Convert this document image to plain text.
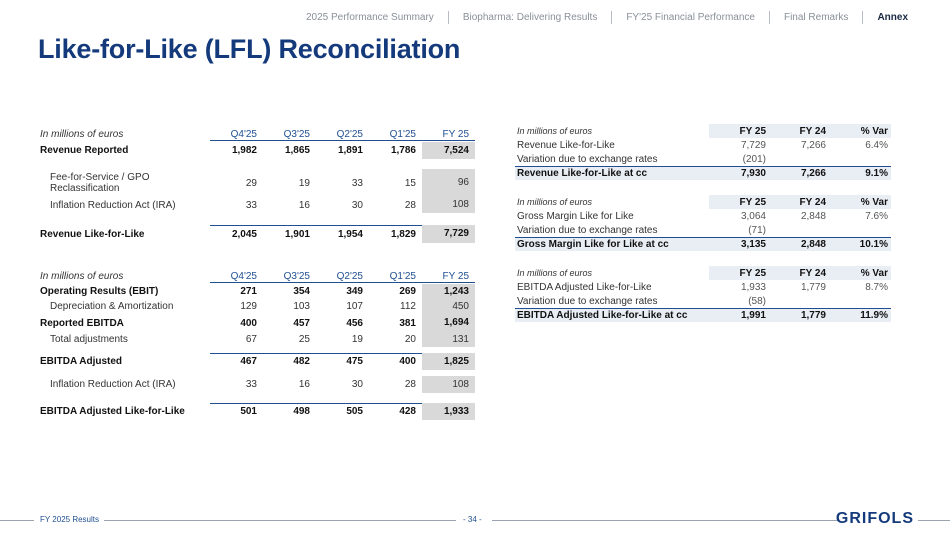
2025 Performance Summary	Biopharma: Delivering Results	FY'25 Financial Performance	Final Remarks	Annex
Like-for-Like (LFL) Reconciliation
In millions of euros	Q4'25	Q3'25	Q2'25	Q1'25	FY 25
Revenue Reported	1,982	1,865	1,891	1,786	7,524
Fee-for-Service / GPO Reclassification	29	19	33	15	96
Inflation Reduction Act (IRA)	33	16	30	28	108
Revenue Like-for-Like	2,045	1,901	1,954	1,829	7,729
In millions of euros	Q4'25	Q3'25	Q2'25	Q1'25	FY 25
Operating Results (EBIT)	271	354	349	269	1,243
Depreciation & Amortization	129	103	107	112	450
Reported EBITDA	400	457	456	381	1,694
Total adjustments	67	25	19	20	131
EBITDA Adjusted	467	482	475	400	1,825
Inflation Reduction Act (IRA)	33	16	30	28	108
EBITDA Adjusted Like-for-Like	501	498	505	428	1,933
In millions of euros	FY 25	FY 24	% Var
Revenue Like-for-Like	7,729	7,266	6.4%
Variation due to exchange rates	(201)
Revenue Like-for-Like at cc	7,930	7,266	9.1%
In millions of euros	FY 25	FY 24	% Var
Gross Margin Like for Like	3,064	2,848	7.6%
Variation due to exchange rates	(71)
Gross Margin Like for Like at cc	3,135	2,848	10.1%
In millions of euros	FY 25	FY 24	% Var
EBITDA Adjusted Like-for-Like	1,933	1,779	8.7%
Variation due to exchange rates	(58)
EBITDA Adjusted Like-for-Like at cc	1,991	1,779	11.9%
FY 2025 Results	- 34 -	GRIFOLS
